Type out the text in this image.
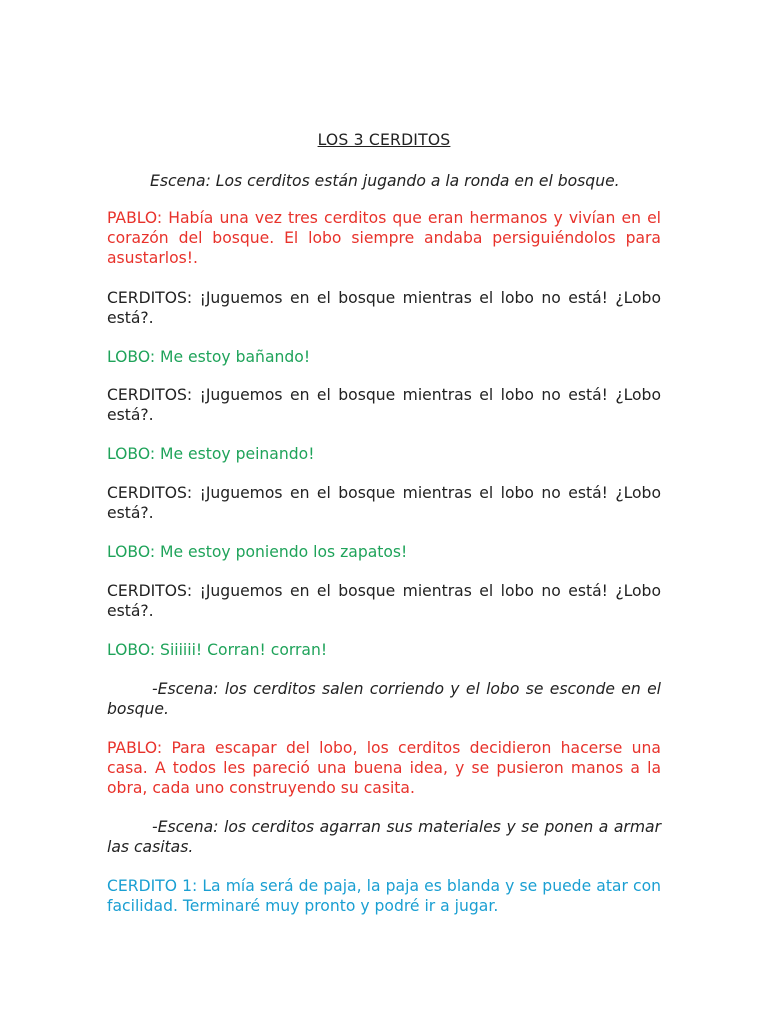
LOS 3 CERDITOS

Escena: Los cerditos están jugando a la ronda en el bosque.

PABLO: Había una vez tres cerditos que eran hermanos y vivían en el corazón del bosque. El lobo siempre andaba persiguiéndolos para asustarlos!.

CERDITOS: ¡Juguemos en el bosque mientras el lobo no está! ¿Lobo está?.

LOBO: Me estoy bañando!

CERDITOS: ¡Juguemos en el bosque mientras el lobo no está! ¿Lobo está?.

LOBO: Me estoy peinando!

CERDITOS: ¡Juguemos en el bosque mientras el lobo no está! ¿Lobo está?.

LOBO: Me estoy poniendo los zapatos!

CERDITOS: ¡Juguemos en el bosque mientras el lobo no está! ¿Lobo está?.

LOBO: Siiiiii! Corran! corran!

-Escena: los cerditos salen corriendo y el lobo se esconde en el bosque.

PABLO: Para escapar del lobo, los cerditos decidieron hacerse una casa. A todos les pareció una buena idea, y se pusieron manos a la obra, cada uno construyendo su casita.

-Escena: los cerditos agarran sus materiales y se ponen a armar las casitas.

CERDITO 1: La mía será de paja, la paja es blanda y se puede atar con facilidad. Terminaré muy pronto y podré ir a jugar.
